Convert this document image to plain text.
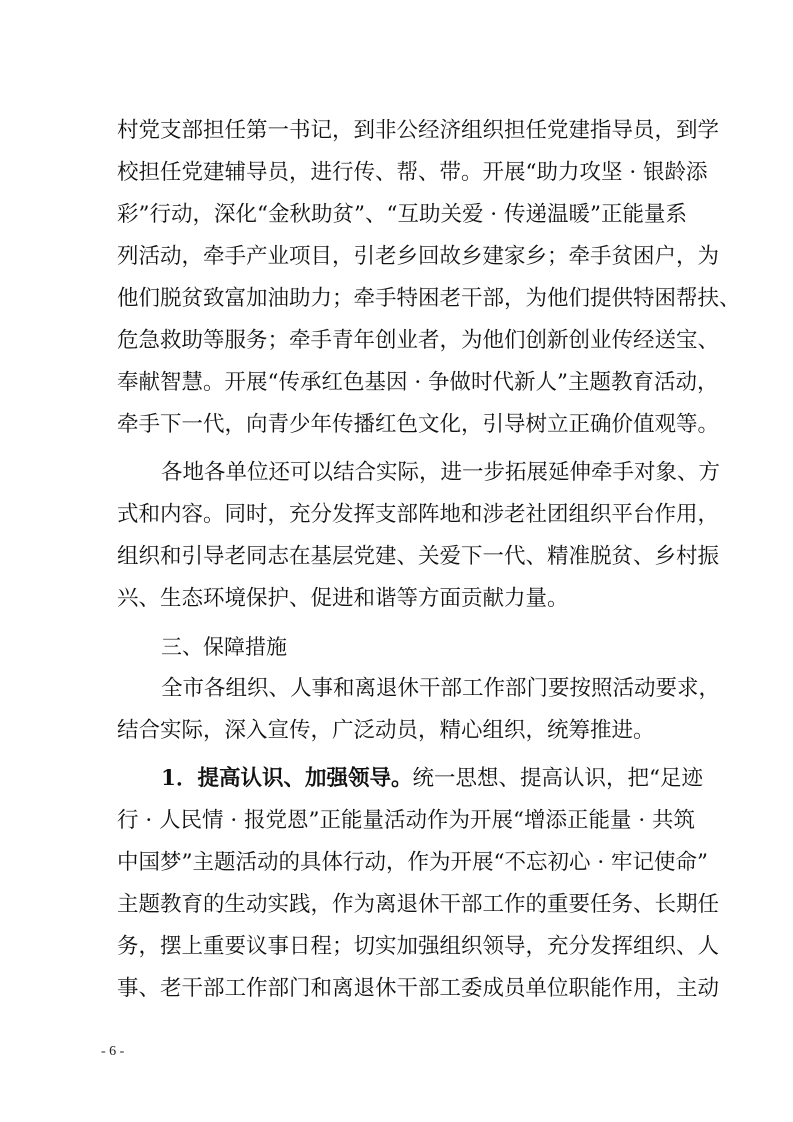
村党支部担任第一书记，到非公经济组织担任党建指导员，到学
校担任党建辅导员，进行传、帮、带。开展“助力攻坚 · 银龄添
彩”行动，深化“金秋助贫”、“互助关爱 · 传递温暖”正能量系
列活动，牵手产业项目，引老乡回故乡建家乡；牵手贫困户，为
他们脱贫致富加油助力；牵手特困老干部，为他们提供特困帮扶、
危急救助等服务；牵手青年创业者，为他们创新创业传经送宝、
奉献智慧。开展“传承红色基因 · 争做时代新人”主题教育活动，
牵手下一代，向青少年传播红色文化，引导树立正确价值观等。
各地各单位还可以结合实际，进一步拓展延伸牵手对象、方
式和内容。同时，充分发挥支部阵地和涉老社团组织平台作用，
组织和引导老同志在基层党建、关爱下一代、精准脱贫、乡村振
兴、生态环境保护、促进和谐等方面贡献力量。
三、保障措施
全市各组织、人事和离退休干部工作部门要按照活动要求，
结合实际，深入宣传，广泛动员，精心组织，统筹推进。
1．提高认识、加强领导。统一思想、提高认识，把“足迹
行 · 人民情 · 报党恩”正能量活动作为开展“增添正能量 · 共筑
中国梦”主题活动的具体行动，作为开展“不忘初心 · 牢记使命”
主题教育的生动实践，作为离退休干部工作的重要任务、长期任
务，摆上重要议事日程；切实加强组织领导，充分发挥组织、人
事、老干部工作部门和离退休干部工委成员单位职能作用，主动
- 6 -
